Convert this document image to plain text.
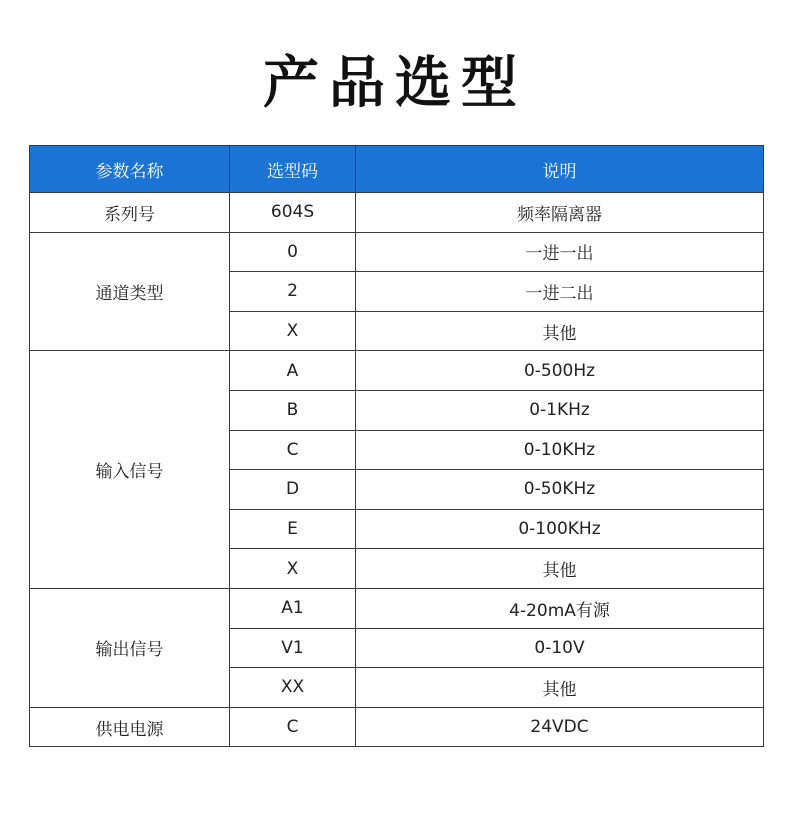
产品选型
参数名称	选型码	说明
系列号	604S	频率隔离器
通道类型	0	一进一出
	2	一进二出
	X	其他
输入信号	A	0-500Hz
	B	0-1KHz
	C	0-10KHz
	D	0-50KHz
	E	0-100KHz
	X	其他
输出信号	A1	4-20mA有源
	V1	0-10V
	XX	其他
供电电源	C	24VDC
